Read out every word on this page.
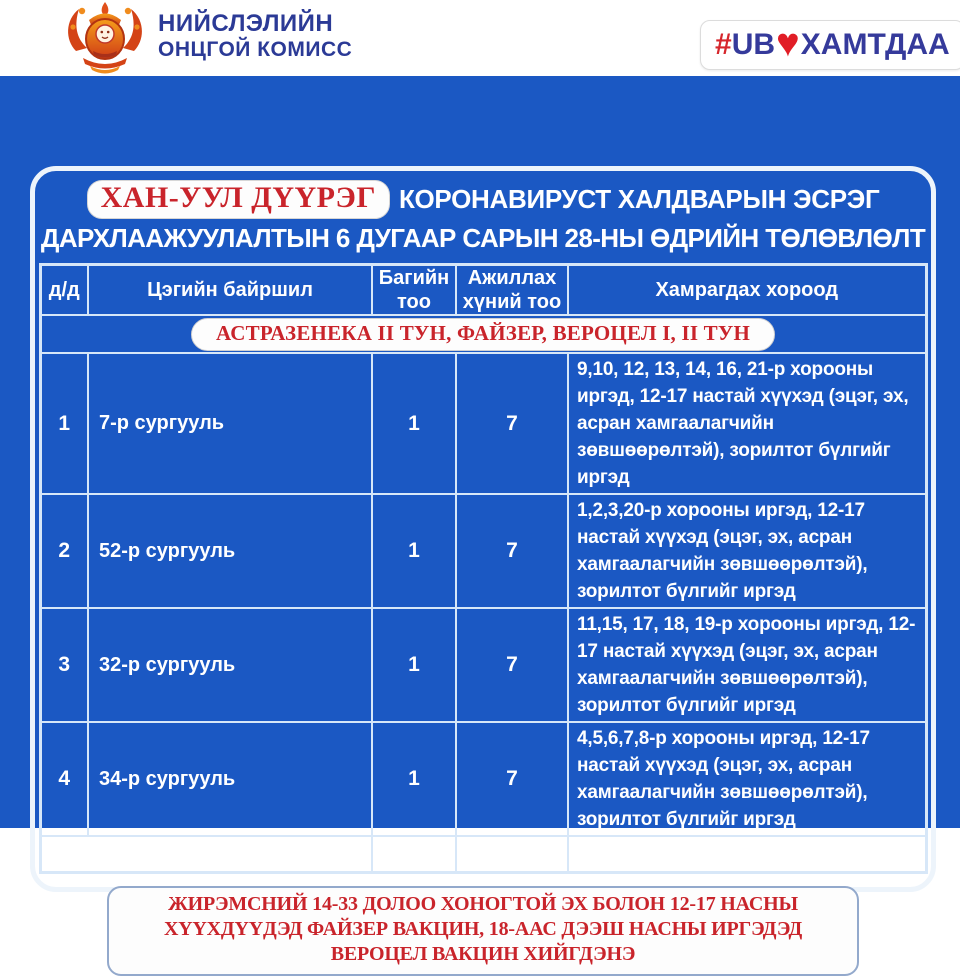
НИЙСЛЭЛИЙН
ОНЦГОЙ КОМИСС	# UB ♥ ХАМТДАА
ХАН-УУЛ ДҮҮРЭГ КОРОНАВИРУСТ ХАЛДВАРЫН ЭСРЭГ
ДАРХЛААЖУУЛАЛТЫН 6 ДУГААР САРЫН 28-НЫ ӨДРИЙН ТӨЛӨВЛӨЛТ
д/д	Цэгийн байршил	Багийн тоо	Ажиллах хүний тоо	Хамрагдах хороод
АСТРАЗЕНЕКА II ТУН, ФАЙЗЕР, ВЕРОЦЕЛ I, II ТУН				
1	7-р сургууль	1	7	9,10, 12, 13, 14, 16, 21-р хорооны иргэд, 12-17 настай хүүхэд (эцэг, эх, асран хамгаалагчийн зөвшөөрөлтэй), зорилтот бүлгийг иргэд
2	52-р сургууль	1	7	1,2,3,20-р хорооны иргэд, 12-17 настай хүүхэд (эцэг, эх, асран хамгаалагчийн зөвшөөрөлтэй), зорилтот бүлгийг иргэд
3	32-р сургууль	1	7	11,15, 17, 18, 19-р хорооны иргэд, 12-17 настай хүүхэд (эцэг, эх, асран хамгаалагчийн зөвшөөрөлтэй), зорилтот бүлгийг иргэд
4	34-р сургууль	1	7	4,5,6,7,8-р хорооны иргэд, 12-17 настай хүүхэд (эцэг, эх, асран хамгаалагчийн зөвшөөрөлтэй), зорилтот бүлгийг иргэд
Нийт		4	28	
ЖИРЭМСНИЙ 14-33 ДОЛОО ХОНОГТОЙ ЭХ БОЛОН 12-17 НАСНЫ ХҮҮХДҮҮДЭД ФАЙЗЕР ВАКЦИН, 18-ААС ДЭЭШ НАСНЫ ИРГЭДЭД ВЕРОЦЕЛ ВАКЦИН ХИЙГДЭНЭ
